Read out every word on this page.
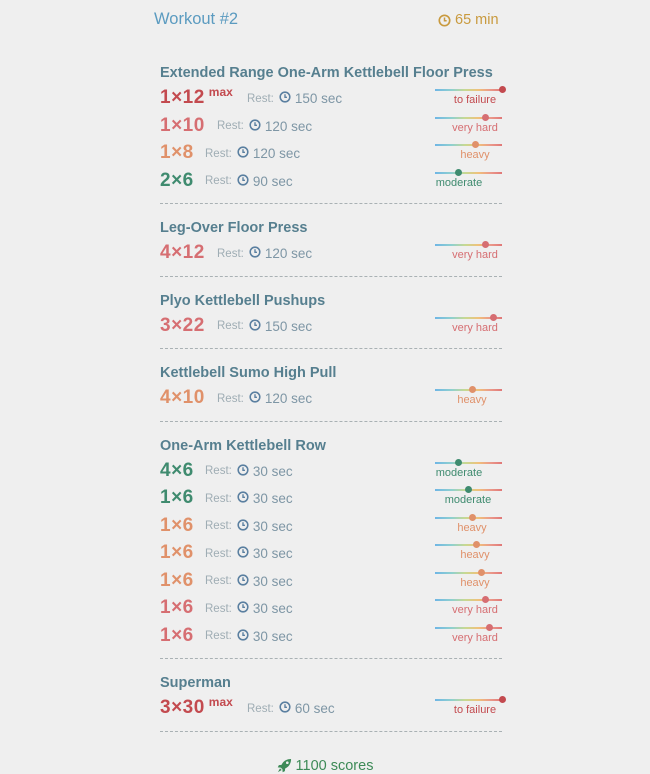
Workout #2	65 min
Extended Range One-Arm Kettlebell Floor Press
1×12 $^{max}$ Rest: 150 sec	to failure
1×10 Rest: 120 sec	very hard
1×8 Rest: 120 sec	heavy
2×6 Rest: 90 sec	moderate
Leg-Over Floor Press
4×12 Rest: 120 sec	very hard
Plyo Kettlebell Pushups
3×22 Rest: 150 sec	very hard
Kettlebell Sumo High Pull
4×10 Rest: 120 sec	heavy
One-Arm Kettlebell Row
4×6 Rest: 30 sec	moderate
1×6 Rest: 30 sec	moderate
1×6 Rest: 30 sec	heavy
1×6 Rest: 30 sec	heavy
1×6 Rest: 30 sec	heavy
1×6 Rest: 30 sec	very hard
1×6 Rest: 30 sec	very hard
Superman
3×30 $^{max}$ Rest: 60 sec	to failure
1100 scores
